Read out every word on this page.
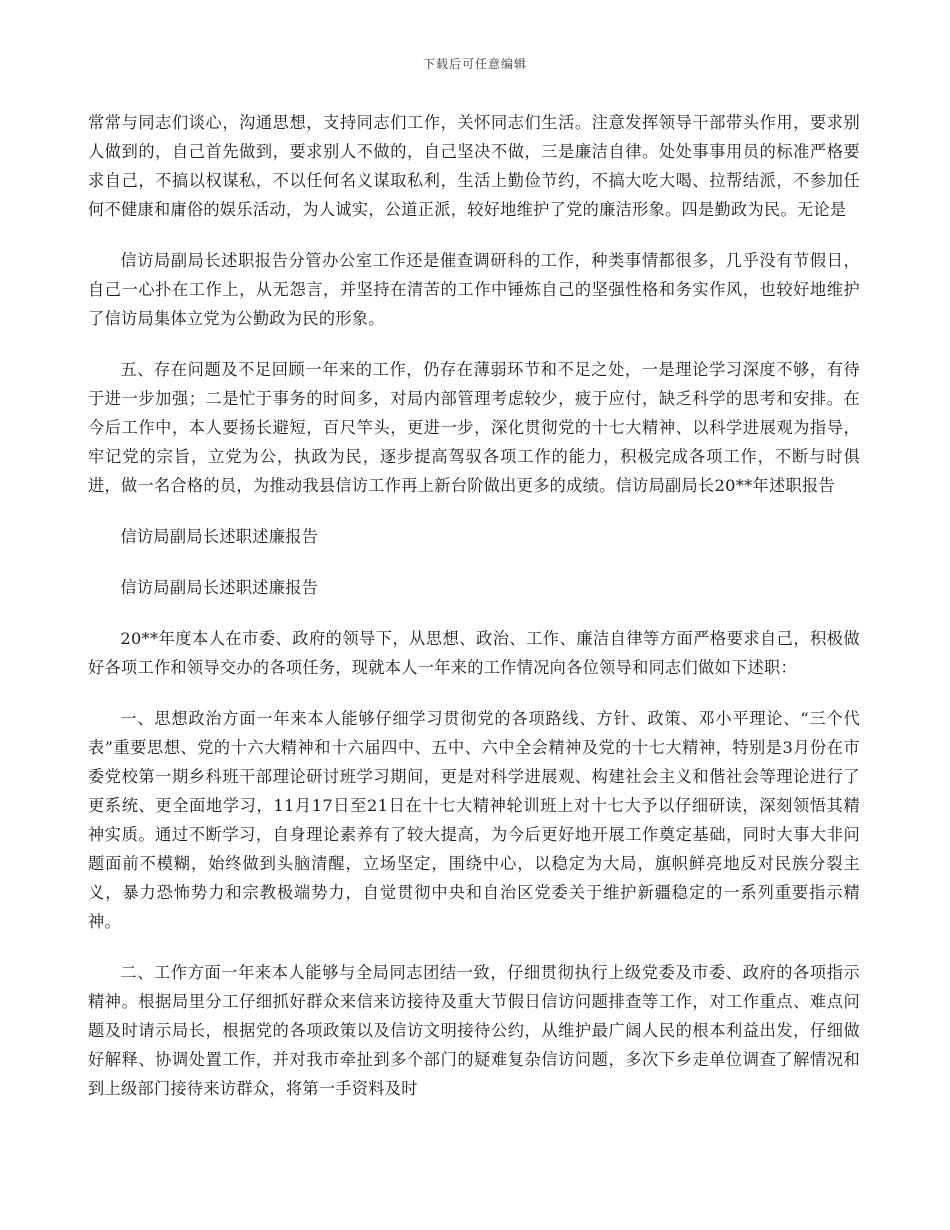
下载后可任意编辑

常常与同志们谈心，沟通思想，支持同志们工作，关怀同志们生活。注意发挥领导干部带头作用，要求别人做到的，自己首先做到，要求别人不做的，自己坚决不做，三是廉洁自律。处处事事用员的标准严格要求自己，不搞以权谋私，不以任何名义谋取私利，生活上勤俭节约，不搞大吃大喝、拉帮结派，不参加任何不健康和庸俗的娱乐活动，为人诚实，公道正派，较好地维护了党的廉洁形象。四是勤政为民。无论是

信访局副局长述职报告分管办公室工作还是催查调研科的工作，种类事情都很多，几乎没有节假日，自己一心扑在工作上，从无怨言，并坚持在清苦的工作中锤炼自己的坚强性格和务实作风，也较好地维护了信访局集体立党为公勤政为民的形象。

五、存在问题及不足回顾一年来的工作，仍存在薄弱环节和不足之处，一是理论学习深度不够，有待于进一步加强；二是忙于事务的时间多，对局内部管理考虑较少，疲于应付，缺乏科学的思考和安排。在今后工作中，本人要扬长避短，百尺竿头，更进一步，深化贯彻党的十七大精神、以科学进展观为指导，牢记党的宗旨，立党为公，执政为民，逐步提高驾驭各项工作的能力，积极完成各项工作，不断与时俱进，做一名合格的员，为推动我县信访工作再上新台阶做出更多的成绩。信访局副局长20**年述职报告

信访局副局长述职述廉报告

信访局副局长述职述廉报告

20**年度本人在市委、政府的领导下，从思想、政治、工作、廉洁自律等方面严格要求自己，积极做好各项工作和领导交办的各项任务，现就本人一年来的工作情况向各位领导和同志们做如下述职：

一、思想政治方面一年来本人能够仔细学习贯彻党的各项路线、方针、政策、邓小平理论、“三个代表”重要思想、党的十六大精神和十六届四中、五中、六中全会精神及党的十七大精神，特别是3月份在市委党校第一期乡科班干部理论研讨班学习期间，更是对科学进展观、构建社会主义和偕社会等理论进行了更系统、更全面地学习，11月17日至21日在十七大精神轮训班上对十七大予以仔细研读，深刻领悟其精神实质。通过不断学习，自身理论素养有了较大提高，为今后更好地开展工作奠定基础，同时大事大非问题面前不模糊，始终做到头脑清醒，立场坚定，围绕中心，以稳定为大局，旗帜鲜亮地反对民族分裂主义，暴力恐怖势力和宗教极端势力，自觉贯彻中央和自治区党委关于维护新疆稳定的一系列重要指示精神。

二、工作方面一年来本人能够与全局同志团结一致，仔细贯彻执行上级党委及市委、政府的各项指示精神。根据局里分工仔细抓好群众来信来访接待及重大节假日信访问题排查等工作，对工作重点、难点问题及时请示局长，根据党的各项政策以及信访文明接待公约，从维护最广阔人民的根本利益出发，仔细做好解释、协调处置工作，并对我市牵扯到多个部门的疑难复杂信访问题，多次下乡走单位调查了解情况和到上级部门接待来访群众，将第一手资料及时
